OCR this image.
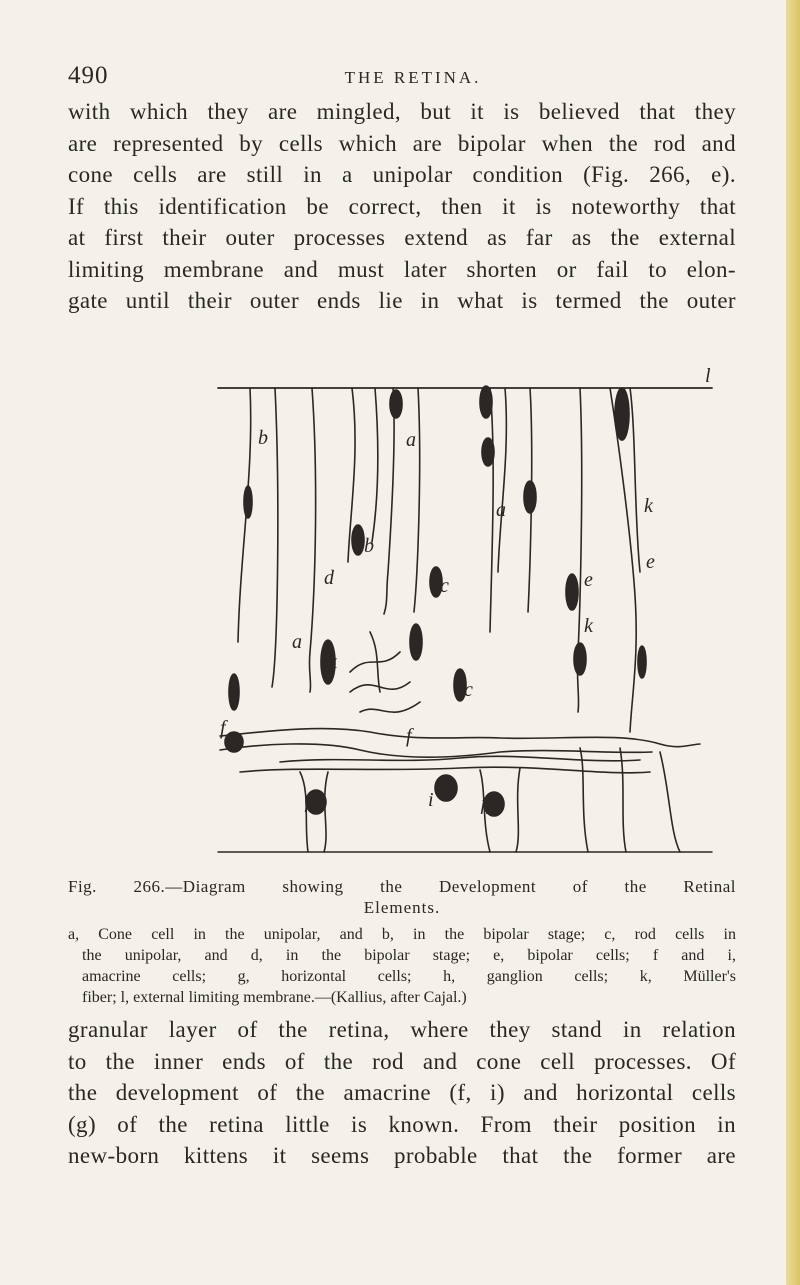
490	THE RETINA.
with which they are mingled, but it is believed that they
are represented by cells which are bipolar when the rod and
cone cells are still in a unipolar condition (Fig. 266, e).
If this identification be correct, then it is noteworthy that
at first their outer processes extend as far as the external
limiting membrane and must later shorten or fail to elon-
gate until their outer ends lie in what is termed the outer
l
b	a
a
a
d
b
c
k
e
e
k
k
c
f	f
h	i h
Fig. 266.—Diagram showing the Development of the Retinal
Elements.
a, Cone cell in the unipolar, and b, in the bipolar stage; c, rod cells in
the unipolar, and d, in the bipolar stage; e, bipolar cells; f and i,
amacrine cells; g, horizontal cells; h, ganglion cells; k, Müller's
fiber; l, external limiting membrane.—(Kallius, after Cajal.)
granular layer of the retina, where they stand in relation
to the inner ends of the rod and cone cell processes. Of
the development of the amacrine (f, i) and horizontal cells
(g) of the retina little is known. From their position in
new-born kittens it seems probable that the former are
